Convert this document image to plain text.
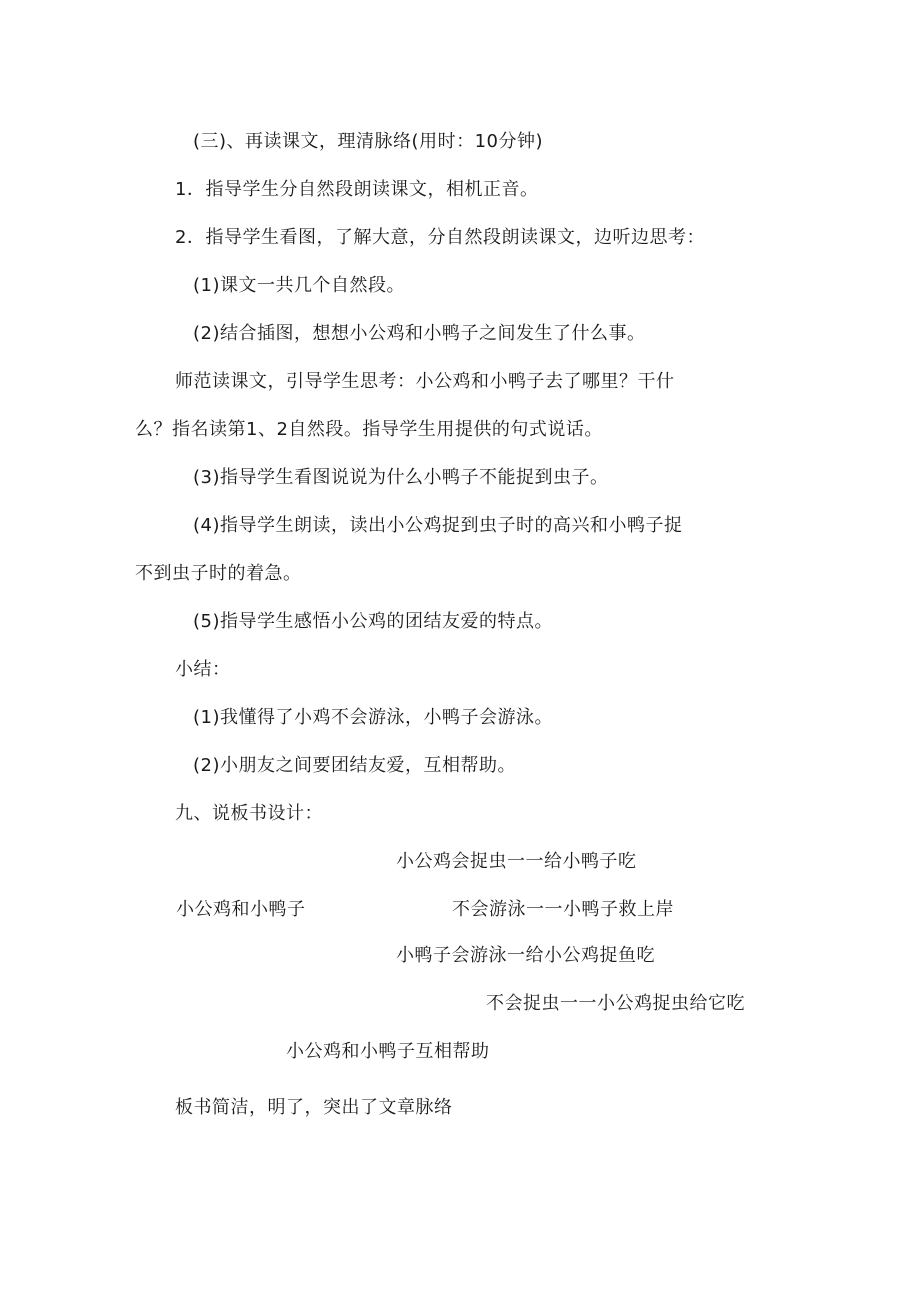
(三)、再读课文，理清脉络(用时：10分钟)
1．指导学生分自然段朗读课文，相机正音。
2．指导学生看图，了解大意，分自然段朗读课文，边听边思考：
(1)课文一共几个自然段。
(2)结合插图，想想小公鸡和小鸭子之间发生了什么事。
师范读课文，引导学生思考：小公鸡和小鸭子去了哪里？干什
么？指名读第1、2自然段。指导学生用提供的句式说话。
(3)指导学生看图说说为什么小鸭子不能捉到虫子。
(4)指导学生朗读，读出小公鸡捉到虫子时的高兴和小鸭子捉
不到虫子时的着急。
(5)指导学生感悟小公鸡的团结友爱的特点。
小结：
(1)我懂得了小鸡不会游泳，小鸭子会游泳。
(2)小朋友之间要团结友爱，互相帮助。
九、说板书设计：
小公鸡会捉虫一一给小鸭子吃
小公鸡和小鸭子	不会游泳一一小鸭子救上岸
小鸭子会游泳一给小公鸡捉鱼吃
不会捉虫一一小公鸡捉虫给它吃
小公鸡和小鸭子互相帮助
板书简洁，明了，突出了文章脉络
